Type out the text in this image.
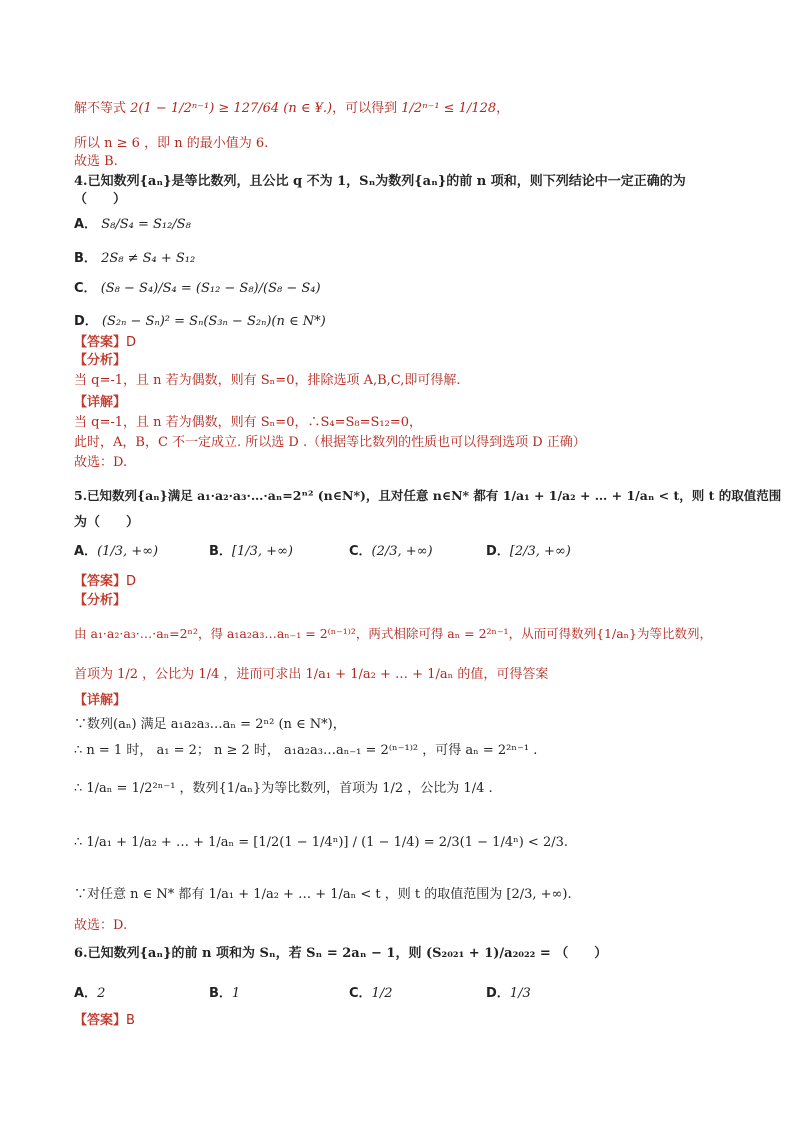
解不等式 2(1 − 1/2ⁿ⁻¹) ≥ 127/64 (n ∈ ¥.)，可以得到 1/2ⁿ⁻¹ ≤ 1/128，
所以 n ≥ 6 ，即 n 的最小值为 6.
故选 B.
4.已知数列{aₙ}是等比数列，且公比 q 不为 1，Sₙ为数列{aₙ}的前 n 项和，则下列结论中一定正确的为
（　　）
A． S₈/S₄ = S₁₂/S₈
B． 2S₈ ≠ S₄ + S₁₂
C． (S₈ − S₄)/S₄ = (S₁₂ − S₈)/(S₈ − S₄)
D． (S₂ₙ − Sₙ)² = Sₙ(S₃ₙ − S₂ₙ)(n ∈ N*)
【答案】D
【分析】
当 q=-1，且 n 若为偶数，则有 Sₙ=0，排除选项 A,B,C,即可得解.
【详解】
当 q=-1，且 n 若为偶数，则有 Sₙ=0，∴S₄=S₈=S₁₂=0，
此时，A，B，C 不一定成立. 所以选 D .（根据等比数列的性质也可以得到选项 D 正确）
故选：D.
5.已知数列{aₙ}满足 a₁·a₂·a₃·…·aₙ=2ⁿ² (n∈N*)，且对任意 n∈N* 都有 1/a₁ + 1/a₂ + … + 1/aₙ < t，则 t 的取值范围
为（　　）
A．(1/3, +∞)	B．[1/3, +∞)	C．(2/3, +∞)	D．[2/3, +∞)
【答案】D
【分析】
由 a₁·a₂·a₃·…·aₙ=2ⁿ²，得 a₁a₂a₃…aₙ₋₁ = 2⁽ⁿ⁻¹⁾²，两式相除可得 aₙ = 2²ⁿ⁻¹，从而可得数列{1/aₙ}为等比数列，
首项为 1/2 ，公比为 1/4 ，进而可求出 1/a₁ + 1/a₂ + … + 1/aₙ 的值，可得答案
【详解】
∵数列(aₙ) 满足 a₁a₂a₃…aₙ = 2ⁿ² (n ∈ N*)，
∴ n = 1 时， a₁ = 2； n ≥ 2 时， a₁a₂a₃…aₙ₋₁ = 2⁽ⁿ⁻¹⁾² ，可得 aₙ = 2²ⁿ⁻¹ .
∴ 1/aₙ = 1/2²ⁿ⁻¹ ，数列{1/aₙ}为等比数列，首项为 1/2 ，公比为 1/4 .
∴ 1/a₁ + 1/a₂ + … + 1/aₙ = [1/2(1 − 1/4ⁿ)] / (1 − 1/4) = 2/3(1 − 1/4ⁿ) < 2/3.
∵对任意 n ∈ N* 都有 1/a₁ + 1/a₂ + … + 1/aₙ < t ，则 t 的取值范围为 [2/3, +∞).
故选：D.
6.已知数列{aₙ}的前 n 项和为 Sₙ，若 Sₙ = 2aₙ − 1，则 (S₂₀₂₁ + 1)/a₂₀₂₂ = （　　）
A．2	B．1	C．1/2	D．1/3
【答案】B
